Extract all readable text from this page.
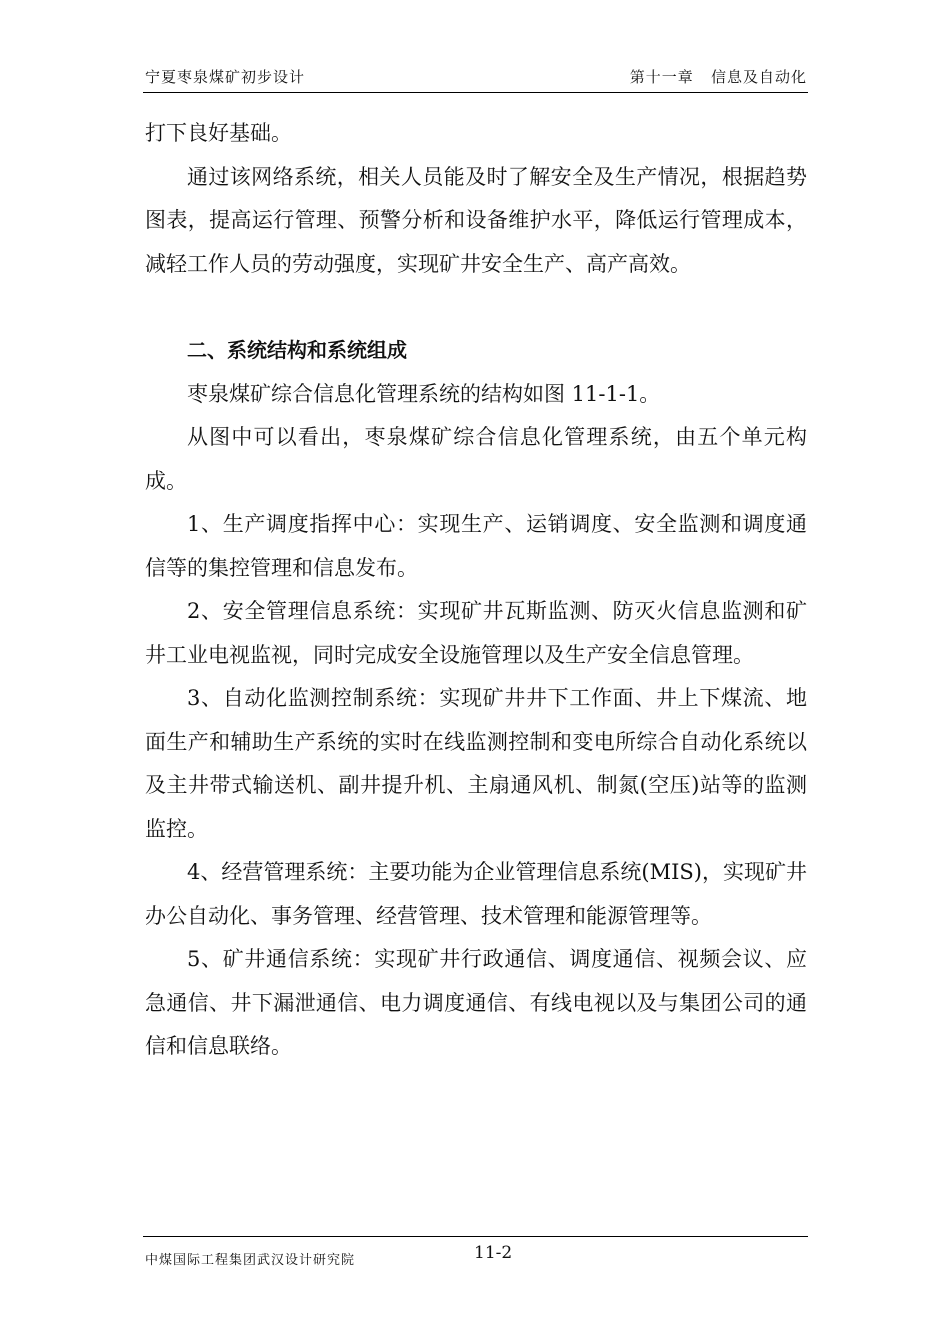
宁夏枣泉煤矿初步设计	第十一章   信息及自动化

打下良好基础。

通过该网络系统，相关人员能及时了解安全及生产情况，根据趋势图表，提高运行管理、预警分析和设备维护水平，降低运行管理成本，减轻工作人员的劳动强度，实现矿井安全生产、高产高效。

二、系统结构和系统组成

枣泉煤矿综合信息化管理系统的结构如图 11-1-1。

从图中可以看出，枣泉煤矿综合信息化管理系统，由五个单元构成。

1、生产调度指挥中心：实现生产、运销调度、安全监测和调度通信等的集控管理和信息发布。

2、安全管理信息系统：实现矿井瓦斯监测、防灭火信息监测和矿井工业电视监视，同时完成安全设施管理以及生产安全信息管理。

3、自动化监测控制系统：实现矿井井下工作面、井上下煤流、地面生产和辅助生产系统的实时在线监测控制和变电所综合自动化系统以及主井带式输送机、副井提升机、主扇通风机、制氮(空压)站等的监测监控。

4、经营管理系统：主要功能为企业管理信息系统(MIS)，实现矿井办公自动化、事务管理、经营管理、技术管理和能源管理等。

5、矿井通信系统：实现矿井行政通信、调度通信、视频会议、应急通信、井下漏泄通信、电力调度通信、有线电视以及与集团公司的通信和信息联络。

中煤国际工程集团武汉设计研究院	11-2
